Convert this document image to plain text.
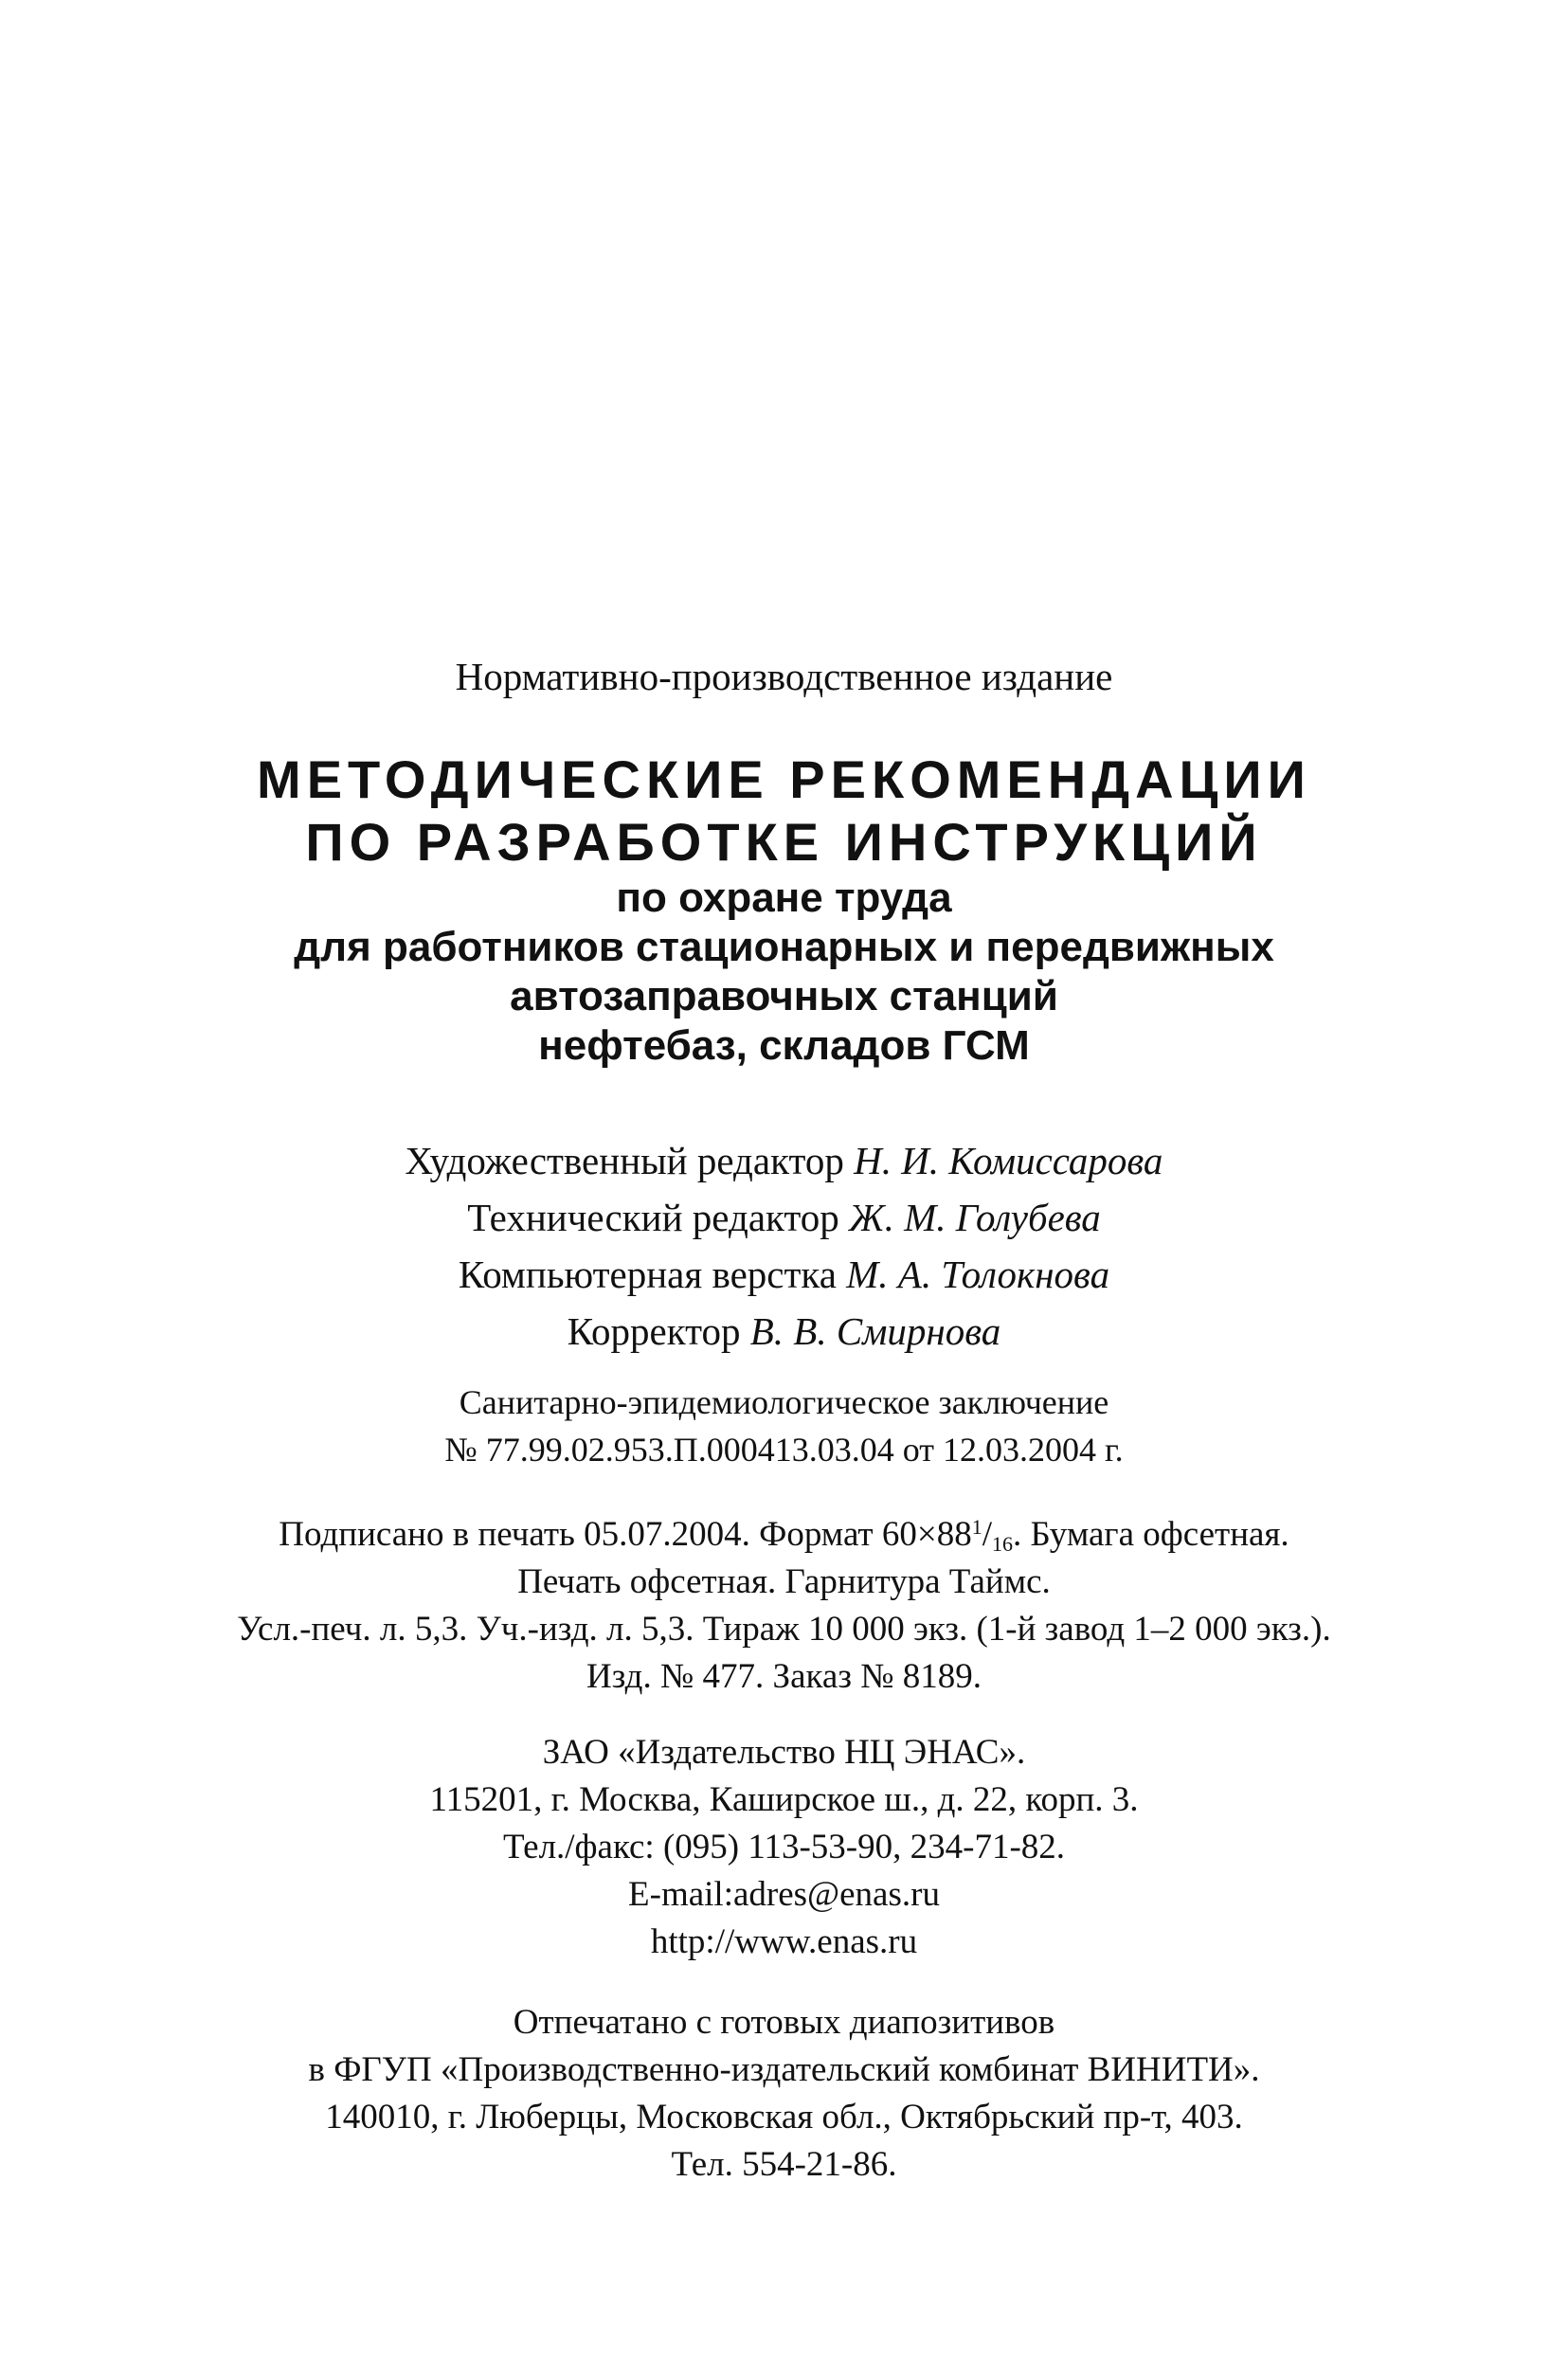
Нормативно-производственное издание
МЕТОДИЧЕСКИЕ РЕКОМЕНДАЦИИ
ПО РАЗРАБОТКЕ ИНСТРУКЦИЙ
по охране труда
для работников стационарных и передвижных
автозаправочных станций
нефтебаз, складов ГСМ
Художественный редактор Н. И. Комиссарова
Технический редактор Ж. М. Голубева
Компьютерная верстка М. А. Толокнова
Корректор В. В. Смирнова
Санитарно-эпидемиологическое заключение
№ 77.99.02.953.П.000413.03.04 от 12.03.2004 г.
Подписано в печать 05.07.2004. Формат $60\times 88^1/16$. Бумага офсетная.
Печать офсетная. Гарнитура Таймс.
Усл.-печ. л. 5,3. Уч.-изд. л. 5,3. Тираж 10 000 экз. (1-й завод 1–2 000 экз.).
Изд. № 477. Заказ № 8189.
ЗАО «Издательство НЦ ЭНАС».
115201, г. Москва, Каширское ш., д. 22, корп. 3.
Тел./факс: (095) 113-53-90, 234-71-82.
E-mail:adres@enas.ru
http://www.enas.ru
Отпечатано с готовых диапозитивов
в ФГУП «Производственно-издательский комбинат ВИНИТИ».
140010, г. Люберцы, Московская обл., Октябрьский пр-т, 403.
Тел. 554-21-86.
